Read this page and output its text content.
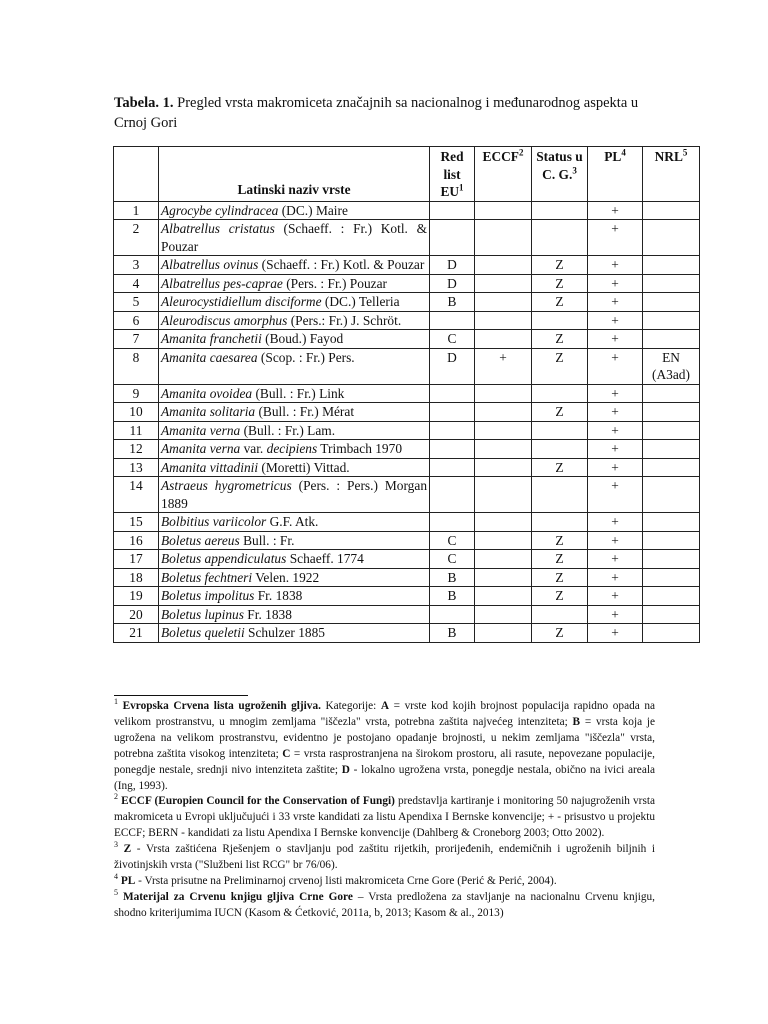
Tabela. 1. Pregled vrsta makromiceta značajnih sa nacionalnog i međunarodnog aspekta u Crnoj Gori
	Latinski naziv vrste	Red list $EU^1$	ECCF$^2$	Status u C. G.$^3$	$PL^4$	NRL$^5$
1	Agrocybe cylindracea (DC.) Maire				+	
2	Albatrellus cristatus (Schaeff. : Fr.) Kotl. & Pouzar				+	
3	Albatrellus ovinus (Schaeff. : Fr.) Kotl. & Pouzar	D		Z	+	
4	Albatrellus pes-caprae (Pers. : Fr.) Pouzar	D		Z	+	
5	Aleurocystidiellum disciforme (DC.) Telleria	B		Z	+	
6	Aleurodiscus amorphus (Pers.: Fr.) J. Schröt.				+	
7	Amanita franchetii (Boud.) Fayod	C		Z	+	
8	Amanita caesarea (Scop. : Fr.) Pers.	D	+	Z	+	EN (A3ad)
9	Amanita ovoidea (Bull. : Fr.) Link				+	
10	Amanita solitaria (Bull. : Fr.) Mérat			Z	+	
11	Amanita verna (Bull. : Fr.) Lam.				+	
12	Amanita verna var. decipiens Trimbach 1970				+	
13	Amanita vittadinii (Moretti) Vittad.			Z	+	
14	Astraeus hygrometricus (Pers. : Pers.) Morgan 1889				+	
15	Bolbitius variicolor G.F. Atk.				+	
16	Boletus aereus Bull. : Fr.	C		Z	+	
17	Boletus appendiculatus Schaeff. 1774	C		Z	+	
18	Boletus fechtneri Velen. 1922	B		Z	+	
19	Boletus impolitus Fr. 1838	B		Z	+	
20	Boletus lupinus Fr. 1838				+	
21	Boletus queletii Schulzer 1885	B		Z	+	

$^1$ Evropska Crvena lista ugroženih gljiva. Kategorije: A = vrste kod kojih brojnost populacija rapidno opada na velikom prostranstvu, u mnogim zemljama "iščezla" vrsta, potrebna zaštita najvećeg intenziteta; B = vrsta koja je ugrožena na velikom prostranstvu, evidentno je postojano opadanje brojnosti, u nekim zemljama "iščezla" vrsta, potrebna zaštita visokog intenziteta; C = vrsta rasprostranjena na širokom prostoru, ali rasute, nepovezane populacije, ponegdje nestale, srednji nivo intenziteta zaštite; D - lokalno ugrožena vrsta, ponegdje nestala, obično na ivici areala (Ing, 1993).

$^2$ ECCF (Europien Council for the Conservation of Fungi) predstavlja kartiranje i monitoring 50 najugroženih vrsta makromiceta u Evropi uključujući i 33 vrste kandidati za listu Apendixa I Bernske konvencije; + - prisustvo u projektu ECCF; BERN - kandidati za listu Apendixa I Bernske konvencije (Dahlberg & Croneborg 2003; Otto 2002).

$^3$ Z - Vrsta zaštićena Rješenjem o stavljanju pod zaštitu rijetkih, prorijeđenih, endemičnih i ugroženih biljnih i životinjskih vrsta ("Službeni list RCG" br 76/06).

$^4$ PL - Vrsta prisutne na Preliminarnoj crvenoj listi makromiceta Crne Gore (Perić & Perić, 2004).

$^5$ Materijal za Crvenu knjigu gljiva Crne Gore – Vrsta predložena za stavljanje na nacionalnu Crvenu knjigu, shodno kriterijumima IUCN (Kasom & Ćetković, 2011a, b, 2013; Kasom & al., 2013)
